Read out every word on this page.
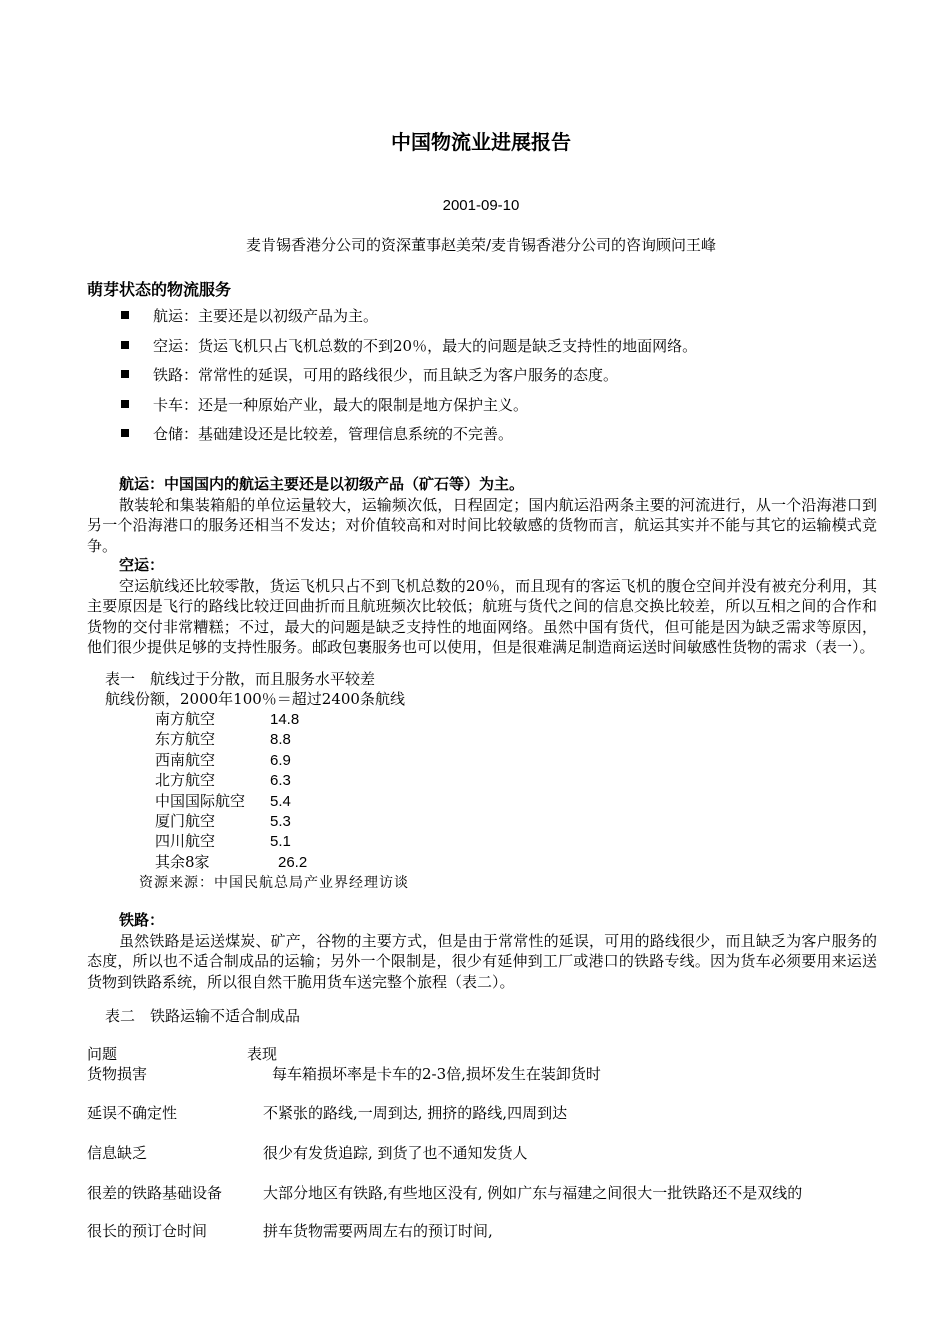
中国物流业进展报告
2001-09-10
麦肯锡香港分公司的资深董事赵美荣/麦肯锡香港分公司的咨询顾问王峰
萌芽状态的物流服务
航运：主要还是以初级产品为主。
空运：货运飞机只占飞机总数的不到20％，最大的问题是缺乏支持性的地面网络。
铁路：常常性的延误，可用的路线很少，而且缺乏为客户服务的态度。
卡车：还是一种原始产业，最大的限制是地方保护主义。
仓储：基础建设还是比较差，管理信息系统的不完善。
航运：中国国内的航运主要还是以初级产品（矿石等）为主。
散装轮和集装箱船的单位运量较大，运输频次低，日程固定；国内航运沿两条主要的河流进行，从一个沿海港口到另一个沿海港口的服务还相当不发达；对价值较高和对时间比较敏感的货物而言，航运其实并不能与其它的运输模式竞争。
空运：
空运航线还比较零散，货运飞机只占不到飞机总数的20％，而且现有的客运飞机的腹仓空间并没有被充分利用，其主要原因是飞行的路线比较迂回曲折而且航班频次比较低；航班与货代之间的信息交换比较差，所以互相之间的合作和货物的交付非常糟糕；不过，最大的问题是缺乏支持性的地面网络。虽然中国有货代，但可能是因为缺乏需求等原因，他们很少提供足够的支持性服务。邮政包裹服务也可以使用，但是很难满足制造商运送时间敏感性货物的需求（表一）。
表一　航线过于分散，而且服务水平较差
航线份额，2000年100％＝超过2400条航线
南方航空	14.8
东方航空	8.8
西南航空	6.9
北方航空	6.3
中国国际航空 5.4
厦门航空	5.3
四川航空	5.1
其余8家	26.2
资源来源：中国民航总局产业界经理访谈
铁路：
虽然铁路是运送煤炭、矿产，谷物的主要方式，但是由于常常性的延误，可用的路线很少，而且缺乏为客户服务的态度，所以也不适合制成品的运输；另外一个限制是，很少有延伸到工厂或港口的铁路专线。因为货车必须要用来运送货物到铁路系统，所以很自然干脆用货车送完整个旅程（表二）。
表二　铁路运输不适合制成品
问题	表现
货物损害	每车箱损坏率是卡车的2-3倍,损坏发生在装卸货时
延误不确定性	不紧张的路线,一周到达, 拥挤的路线,四周到达
信息缺乏	很少有发货追踪, 到货了也不通知发货人
很差的铁路基础设备	大部分地区有铁路,有些地区没有, 例如广东与福建之间很大一批铁路还不是双线的
很长的预订仓时间	拼车货物需要两周左右的预订时间,
